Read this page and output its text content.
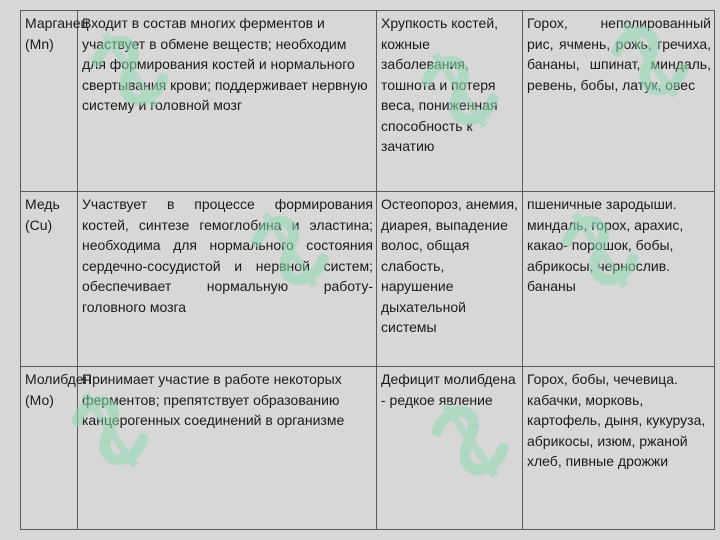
Марганец (Mn)	Входит в состав многих ферментов и участвует в обмене веществ; необходим для формирования костей и нормального свертывания крови; поддерживает нервную систему и головной мозг	Хрупкость костей, кожные заболевания, тошнота и потеря веса, пониженная способность к зачатию	Горох, неполированный рис, ячмень, рожь, гречиха, бананы, шпинат, миндаль, ревень, бобы, латук, овес

Медь (Cu)	Участвует в процессе формирования костей, синтезе гемоглобина и эластина; необходима для нормального состояния сердечно-сосудистой и нервной систем; обеспечивает нормальную работу-головного мозга	Остеопороз, анемия, диарея, выпадение волос, общая слабость, нарушение дыхательной системы	пшеничные зародыши. миндаль, горох, арахис, какао- порошок, бобы, абрикосы, чернослив. бананы

Молибден (Мо)	Принимает участие в работе некоторых ферментов; препятствует образованию канцерогенных соединений в организме	Дефицит молибдена - редкое явление	Горох, бобы, чечевица. кабачки, морковь, картофель, дыня, кукуруза, абрикосы, изюм, ржаной хлеб, пивные дрожжи
